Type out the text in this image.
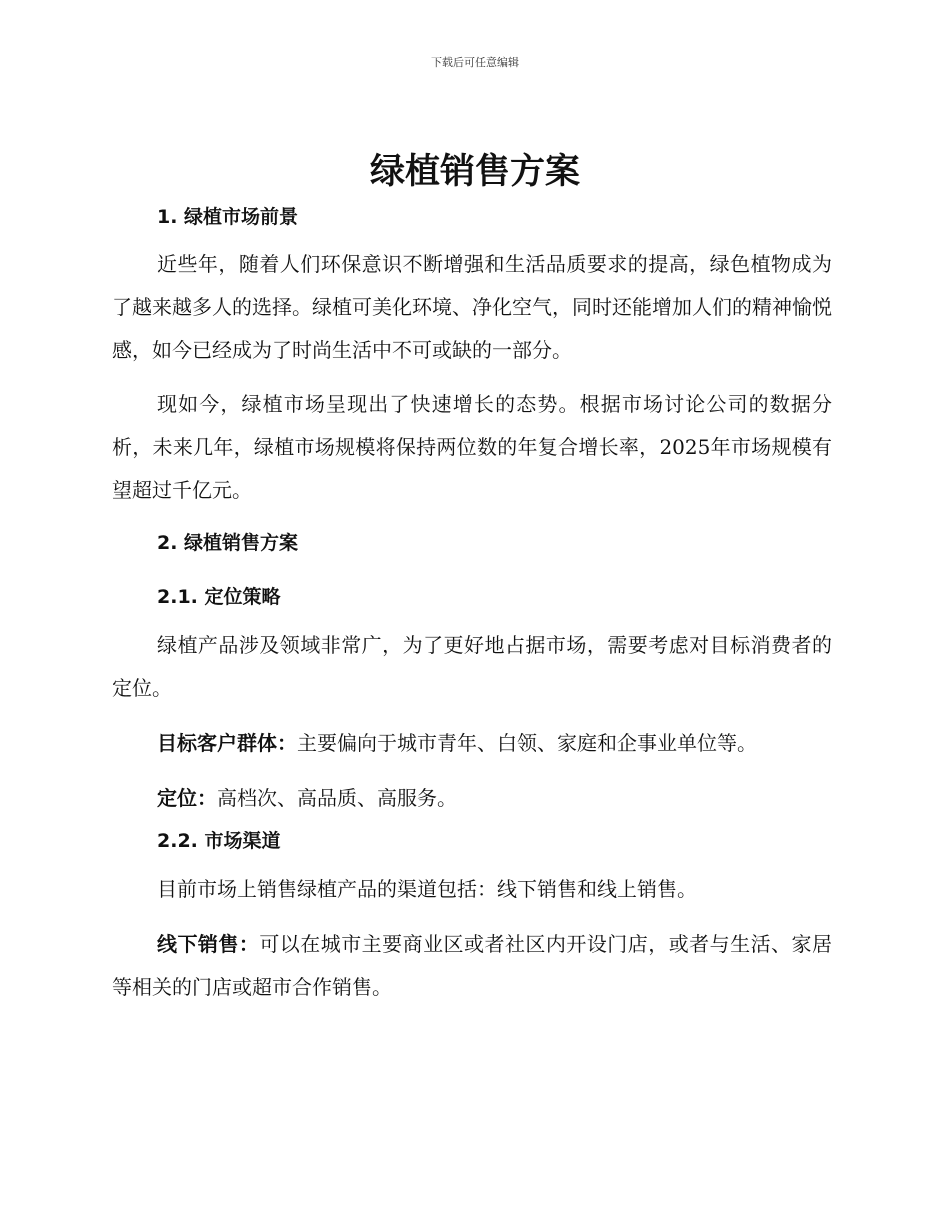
下载后可任意编辑
绿植销售方案
1. 绿植市场前景

近些年，随着人们环保意识不断增强和生活品质要求的提高，绿色植物成为了越来越多人的选择。绿植可美化环境、净化空气，同时还能增加人们的精神愉悦感，如今已经成为了时尚生活中不可或缺的一部分。

现如今，绿植市场呈现出了快速增长的态势。根据市场讨论公司的数据分析，未来几年，绿植市场规模将保持两位数的年复合增长率，2025年市场规模有望超过千亿元。

2. 绿植销售方案
2.1. 定位策略

绿植产品涉及领域非常广，为了更好地占据市场，需要考虑对目标消费者的定位。

目标客户群体：主要偏向于城市青年、白领、家庭和企事业单位等。

定位：高档次、高品质、高服务。

2.2. 市场渠道

目前市场上销售绿植产品的渠道包括：线下销售和线上销售。

线下销售：可以在城市主要商业区或者社区内开设门店，或者与生活、家居等相关的门店或超市合作销售。
